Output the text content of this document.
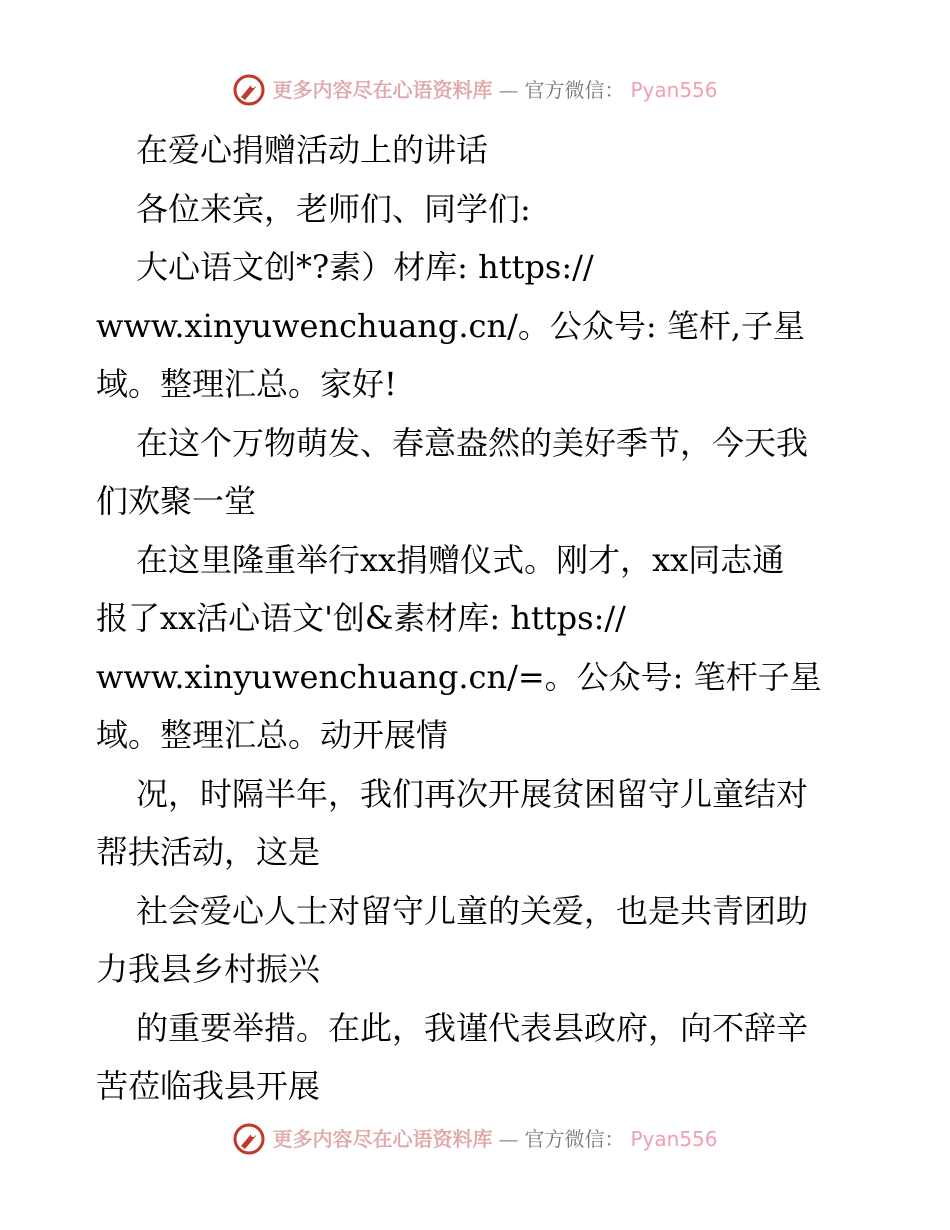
更多内容尽在心语资料库 — 官方微信： Pyan556
在爱心捐赠活动上的讲话
各位来宾，老师们、同学们:
大心语文创*?素）材库: https://
www.xinyuwenchuang.cn/。公众号: 笔杆,子星
域。整理汇总。家好!
在这个万物萌发、春意盎然的美好季节，今天我
们欢聚一堂
在这里隆重举行xx捐赠仪式。刚才，xx同志通
报了xx活心语文'创&素材库: https://
www.xinyuwenchuang.cn/=。公众号: 笔杆子星
域。整理汇总。动开展情
况，时隔半年，我们再次开展贫困留守儿童结对
帮扶活动，这是
社会爱心人士对留守儿童的关爱，也是共青团助
力我县乡村振兴
的重要举措。在此，我谨代表县政府，向不辞辛
苦莅临我县开展
更多内容尽在心语资料库 — 官方微信： Pyan556
